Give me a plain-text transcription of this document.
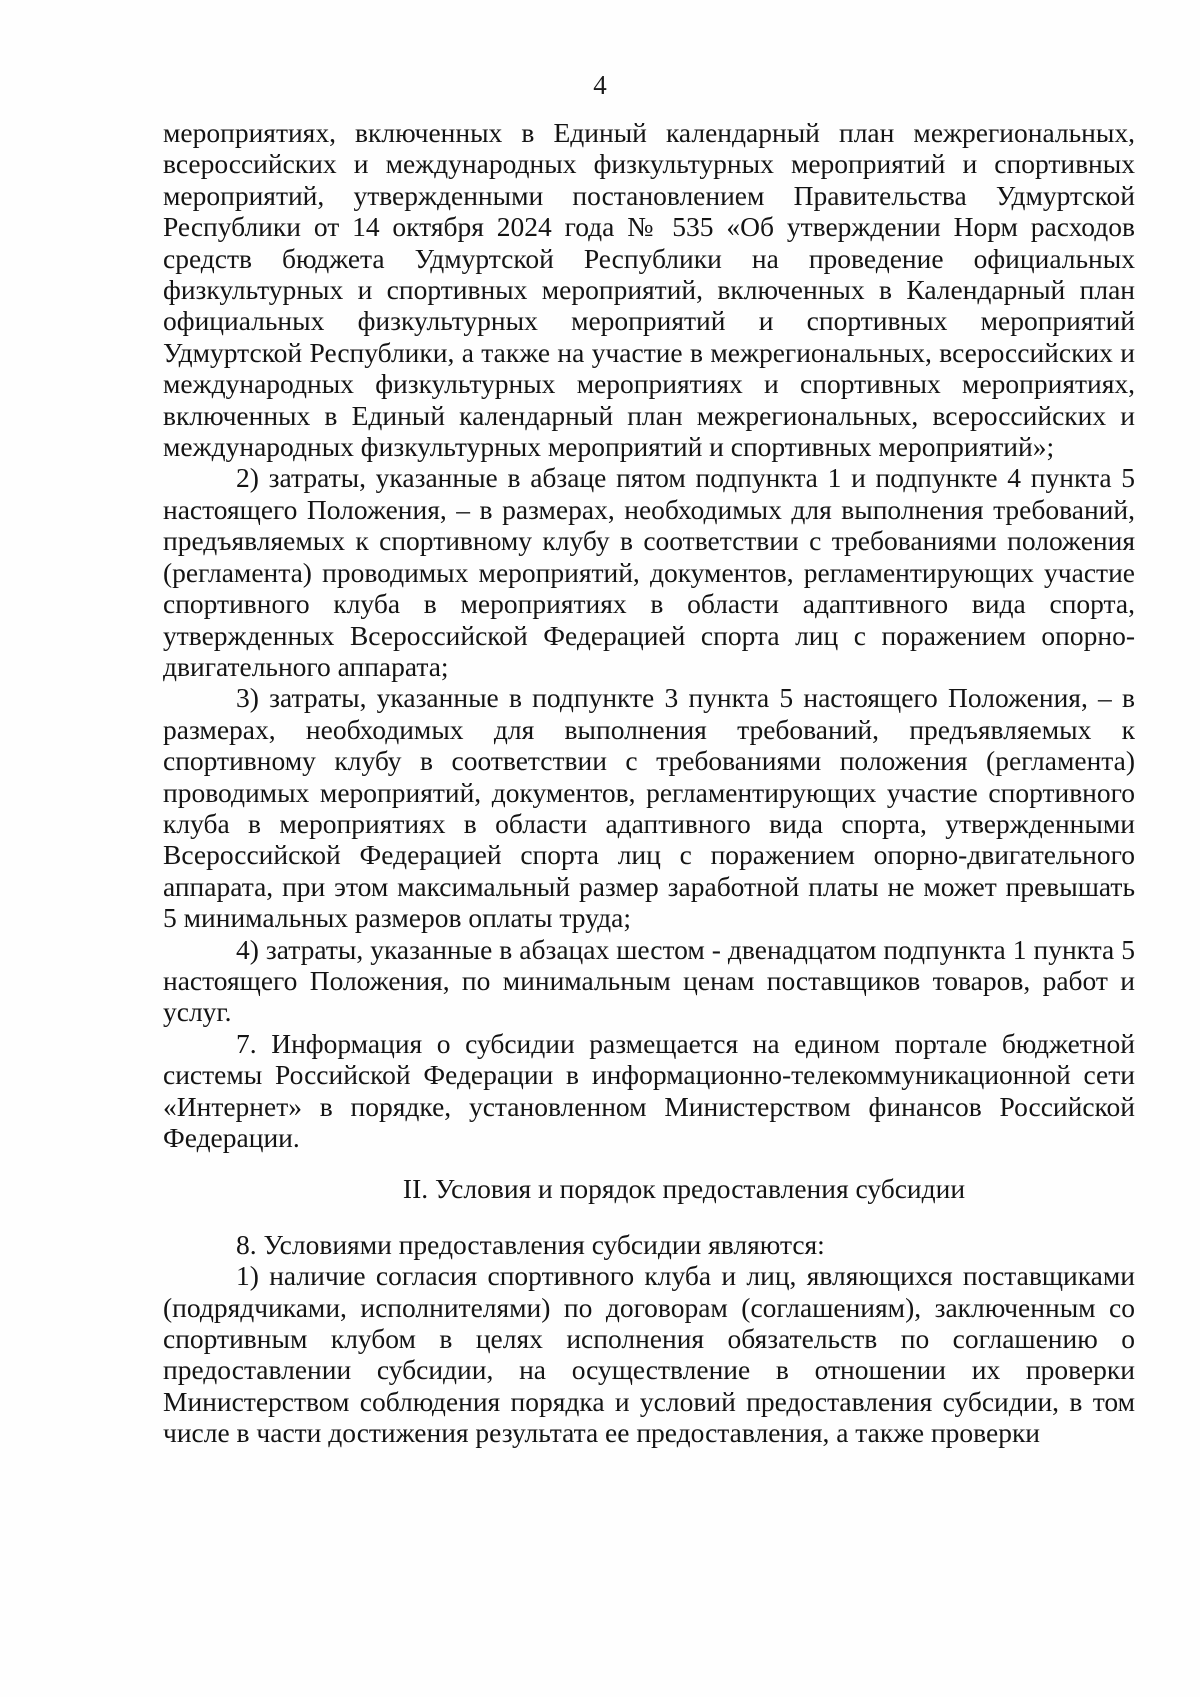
4

мероприятиях, включенных в Единый календарный план межрегиональных, всероссийских и международных физкультурных мероприятий и спортивных мероприятий, утвержденными постановлением Правительства Удмуртской Республики от 14 октября 2024 года № 535 «Об утверждении Норм расходов средств бюджета Удмуртской Республики на проведение официальных физкультурных и спортивных мероприятий, включенных в Календарный план официальных физкультурных мероприятий и спортивных мероприятий Удмуртской Республики, а также на участие в межрегиональных, всероссийских и международных физкультурных мероприятиях и спортивных мероприятиях, включенных в Единый календарный план межрегиональных, всероссийских и международных физкультурных мероприятий и спортивных мероприятий»;

2) затраты, указанные в абзаце пятом подпункта 1 и подпункте 4 пункта 5 настоящего Положения, – в размерах, необходимых для выполнения требований, предъявляемых к спортивному клубу в соответствии с требованиями положения (регламента) проводимых мероприятий, документов, регламентирующих участие спортивного клуба в мероприятиях в области адаптивного вида спорта, утвержденных Всероссийской Федерацией спорта лиц с поражением опорно-двигательного аппарата;

3) затраты, указанные в подпункте 3 пункта 5 настоящего Положения, – в размерах, необходимых для выполнения требований, предъявляемых к спортивному клубу в соответствии с требованиями положения (регламента) проводимых мероприятий, документов, регламентирующих участие спортивного клуба в мероприятиях в области адаптивного вида спорта, утвержденными Всероссийской Федерацией спорта лиц с поражением опорно-двигательного аппарата, при этом максимальный размер заработной платы не может превышать 5 минимальных размеров оплаты труда;

4) затраты, указанные в абзацах шестом - двенадцатом подпункта 1 пункта 5 настоящего Положения, по минимальным ценам поставщиков товаров, работ и услуг.

7. Информация о субсидии размещается на едином портале бюджетной системы Российской Федерации в информационно-телекоммуникационной сети «Интернет» в порядке, установленном Министерством финансов Российской Федерации.

II. Условия и порядок предоставления субсидии

8. Условиями предоставления субсидии являются:

1) наличие согласия спортивного клуба и лиц, являющихся поставщиками (подрядчиками, исполнителями) по договорам (соглашениям), заключенным со спортивным клубом в целях исполнения обязательств по соглашению о предоставлении субсидии, на осуществление в отношении их проверки Министерством соблюдения порядка и условий предоставления субсидии, в том числе в части достижения результата ее предоставления, а также проверки
